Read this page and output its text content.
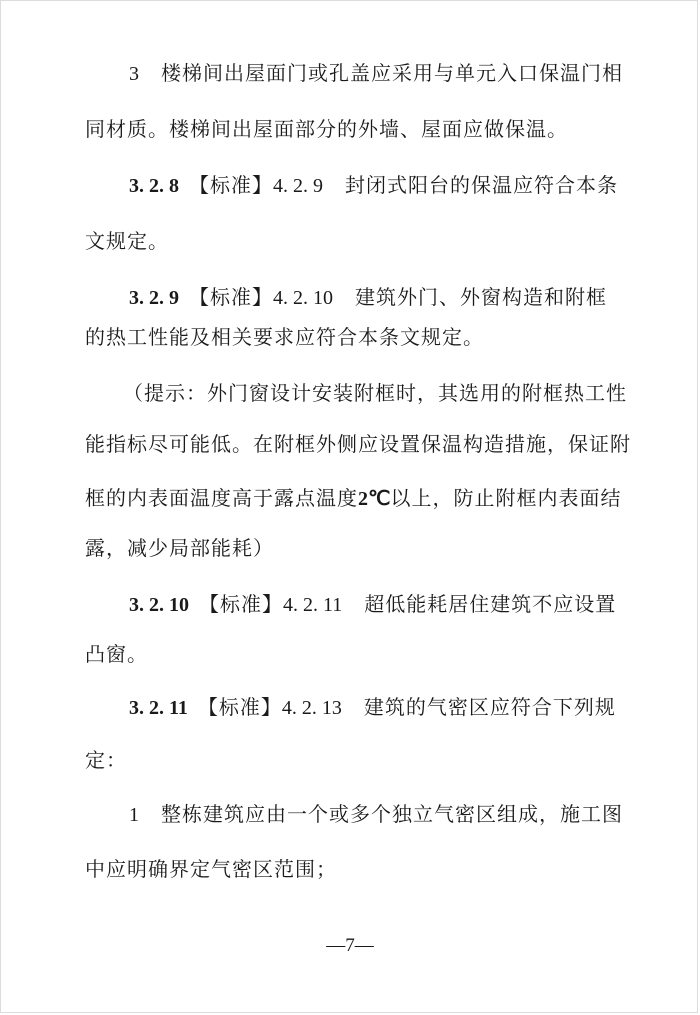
3 楼梯间出屋面门或孔盖应采用与单元入口保温门相
同材质。楼梯间出屋面部分的外墙、屋面应做保温。
3. 2. 8 【标准】4. 2. 9 封闭式阳台的保温应符合本条
文规定。
3. 2. 9 【标准】4. 2. 10 建筑外门、外窗构造和附框
的热工性能及相关要求应符合本条文规定。
（提示：外门窗设计安装附框时，其选用的附框热工性
能指标尽可能低。在附框外侧应设置保温构造措施，保证附
框的内表面温度高于露点温度2℃以上，防止附框内表面结
露，减少局部能耗）
3. 2. 10 【标准】4. 2. 11 超低能耗居住建筑不应设置
凸窗。
3. 2. 11 【标准】4. 2. 13 建筑的气密区应符合下列规
定：
1 整栋建筑应由一个或多个独立气密区组成，施工图
中应明确界定气密区范围；
—7—
